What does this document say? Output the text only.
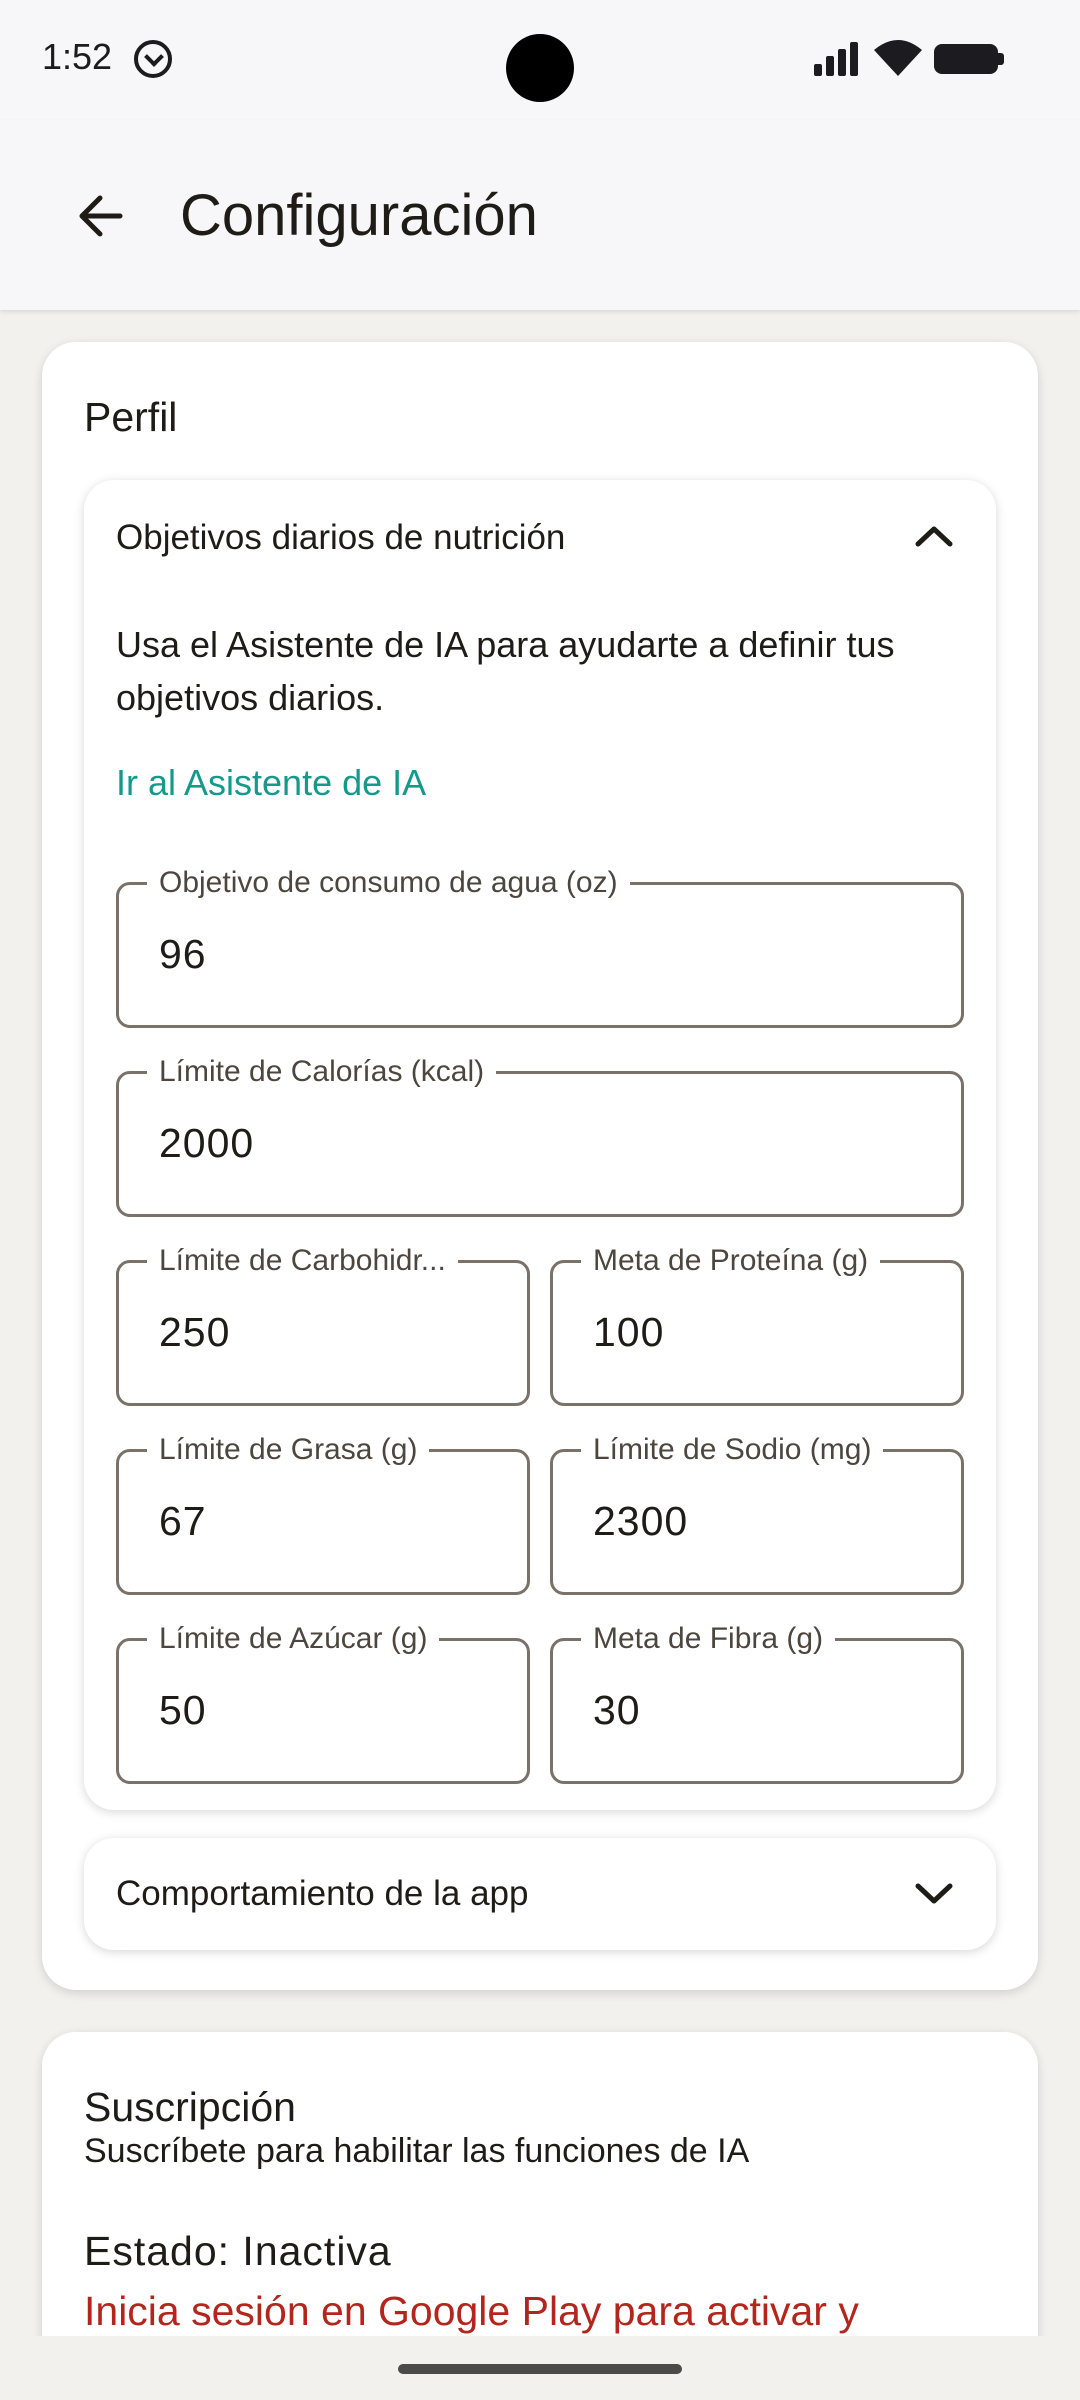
1:52
Configuración
Perfil
Objetivos diarios de nutrición

Usa el Asistente de IA para ayudarte a definir tus objetivos diarios.

Ir al Asistente de IA
Objetivo de consumo de agua (oz)
96
Límite de Calorías (kcal)
2000
Límite de Carbohidr...
250
Meta de Proteína (g)
100
Límite de Grasa (g)
67
Límite de Sodio (mg)
2300
Límite de Azúcar (g)
50
Meta de Fibra (g)
30
Comportamiento de la app
Suscripción
Suscríbete para habilitar las funciones de IA
Estado: Inactiva
Inicia sesión en Google Play para activar y
